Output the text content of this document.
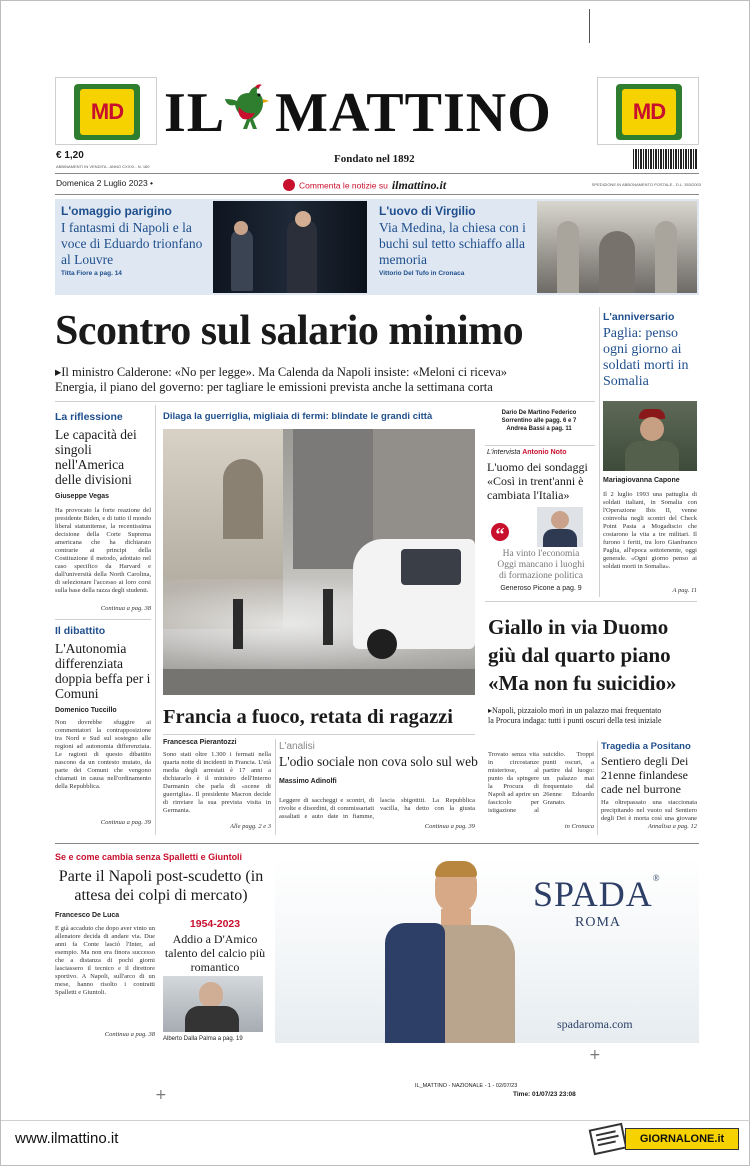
MD	MD
IL MATTINO
€ 1,20
ABBINAMENTI IN VENDITA - ANNO CXXXI - N. 180
Fondato nel 1892
SPEDIZIONE IN ABBONAMENTO POSTALE - D.L. 353/2003
Domenica 2 Luglio 2023 •	Commenta le notizie su ilmattino.it
L'omaggio parigino
I fantasmi di Napoli e la voce di Eduardo trionfano al Louvre
Titta Fiore a pag. 14
L'uovo di Virgilio
Via Medina, la chiesa con i buchi sul tetto schiaffo alla memoria
Vittorio Del Tufo in Cronaca
Scontro sul salario minimo
▸Il ministro Calderone: «No per legge». Ma Calenda da Napoli insiste: «Meloni ci riceva»
Energia, il piano del governo: per tagliare le emissioni prevista anche la settimana corta
L'anniversario
Paglia: penso ogni giorno ai soldati morti in Somalia
Mariagiovanna Capone
Il 2 luglio 1993 una pattuglia di soldati italiani, in Somalia con l'Operazione Ibis II, venne coinvolta negli scontri del Check Point Pasta a Mogadiscio che costarono la vita a tre militari. Il furono i feriti, tra loro Gianfranco Paglia, all'epoca sottotenente, oggi generale. «Ogni giorno penso ai soldati morti in Somalia».
A pag. 11
La riflessione
Le capacità dei singoli nell'America delle divisioni
Giuseppe Vegas
Ha provocato la forte reazione del presidente Biden, e di tutto il mondo liberal statunitense, la recentissima decisione della Corte Suprema americana che ha dichiarato contrarie ai principi della Costituzione il metodo, adottato nel caso specifico da Harvard e dall'università della North Carolina, di selezionare l'accesso ai loro corsi sulla base della razza degli studenti.
Continua a pag. 38
Il dibattito
L'Autonomia differenziata doppia beffa per i Comuni
Domenico Tuccillo
Non dovrebbe sfuggire ai commentatori la contrapposizione tra Nord e Sud sul sostegno alle regioni ad autonomia differenziata. Le ragioni di questo dibattito nascono da un contesto mutato, da parte dei Comuni che vengono chiamati in causa nell'ordinamento della Repubblica.
Continua a pag. 39
Dilaga la guerriglia, migliaia di fermi: blindate le grandi città
Francia a fuoco, retata di ragazzi
Francesca Pierantozzi
Sono stati oltre 1.300 i fermati nella quarta notte di incidenti in Francia. L'età media degli arrestati è 17 anni a dichiararlo è il ministro dell'Interno Darmanin che parla di «scene di guerriglia». Il presidente Macron decide di rinviare la sua prevista visita in Germania.
Alle pagg. 2 e 3
L'analisi
L'odio sociale non cova solo sul web
Massimo Adinolfi
Leggere di saccheggi e scontri, di rivolte e disordini, di commissariati assaltati e auto date in fiamme, lascia sbigottiti. La Repubblica vacilla, ha detto con la giusta
Continua a pag. 39
Dario De Martino Federico Sorrentino alle pagg. 6 e 7 Andrea Bassi a pag. 11
L'intervista Antonio Noto
L'uomo dei sondaggi «Così in trent'anni è cambiata l'Italia»
“
Ha vinto l'economia Oggi mancano i luoghi di formazione politica
Generoso Picone a pag. 9
Giallo in via Duomo giù dal quarto piano «Ma non fu suicidio»
▸Napoli, pizzaiolo morì in un palazzo mai frequentato
la Procura indaga: tutti i punti oscuri della tesi iniziale
Trovato senza vita in circostanze misteriose, al punto da spingere la Procura di Napoli ad aprire un fascicolo per istigazione al suicidio. Troppi punti oscuri, a partire dal luogo: un palazzo mai frequentato dal 26enne Edoardo Granato.
in Cronaca
Tragedia a Positano
Sentiero degli Dei 21enne finlandese cade nel burrone
Ha oltrepassato una staccionata precipitando nel vuoto sul Sentiero degli Dei è morta così una giovane
Annalisa a pag. 12
Se e come cambia senza Spalletti e Giuntoli
Parte il Napoli post-scudetto (in attesa dei colpi di mercato)
Francesco De Luca
È già accaduto che dopo aver vinto un allenatore decida di andare via. Due anni fa Conte lasciò l'Inter, ad esempio. Ma non era finora successo che a distanza di pochi giorni lasciassero il tecnico e il direttore sportivo. A Napoli, sull'arco di un mese, hanno risolto i contratti Spalletti e Giuntoli.
Continua a pag. 38
1954-2023
Addio a D'Amico talento del calcio più romantico
Alberto Dalla Palma a pag. 19
SPADA®
ROMA
spadaroma.com
+
+
IL_MATTINO - NAZIONALE - 1 - 02/07/23
Time: 01/07/23 23:08
www.ilmattino.it	GIORNALONE.it
